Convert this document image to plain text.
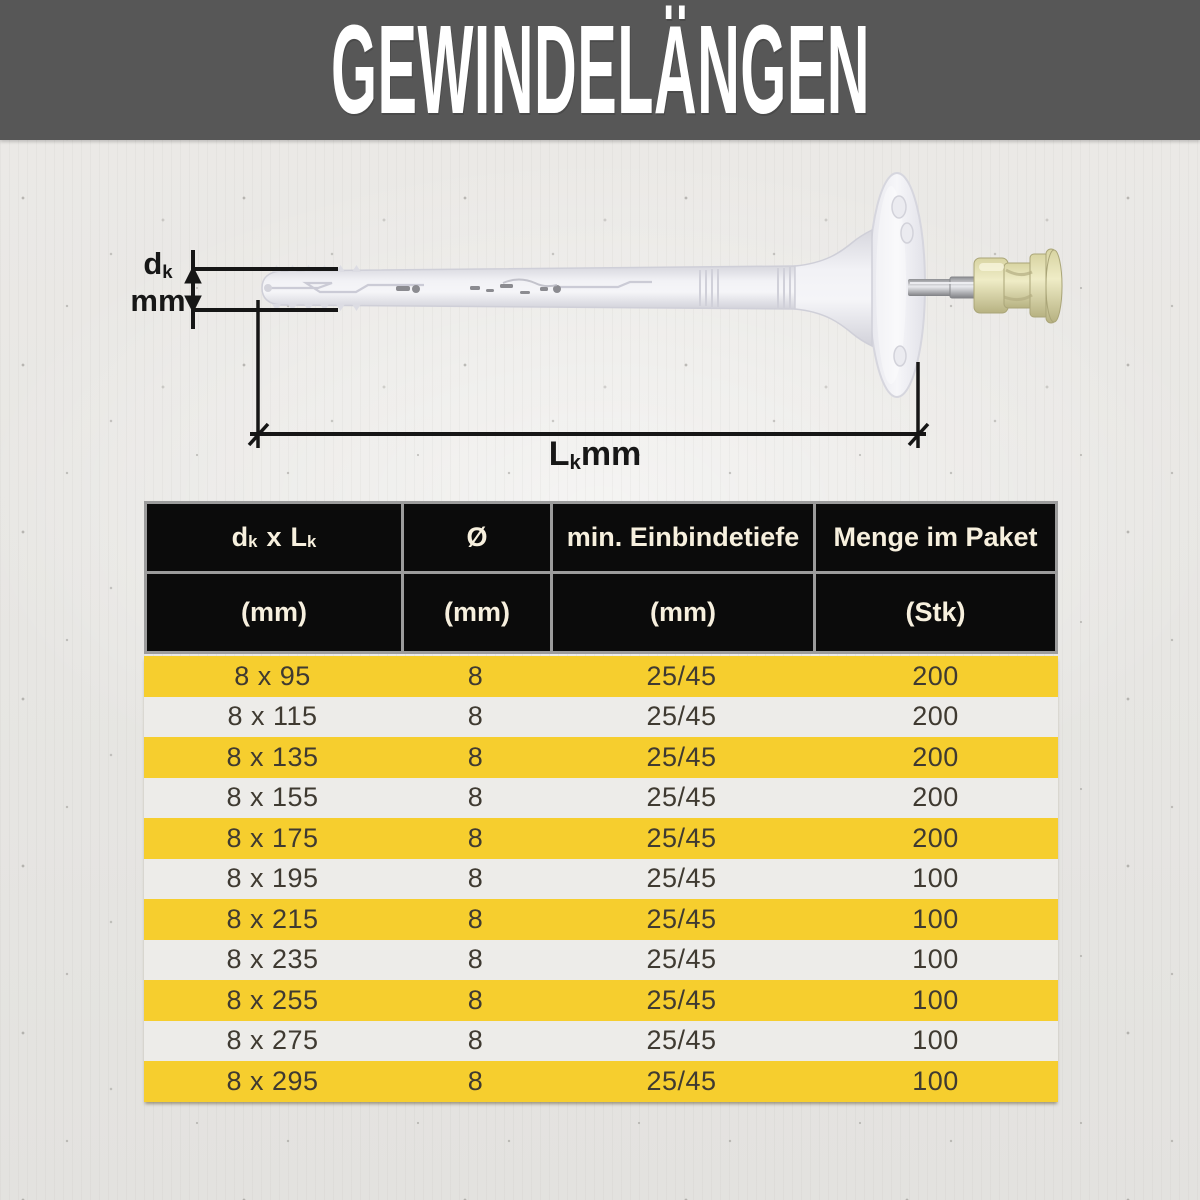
GEWINDELÄNGEN
dk
mm
Lkmm
d k x L k	Ø	min. Einbindetiefe	Menge im Paket
(mm)	(mm)	(mm)	(Stk)
8 x 95	8	25/45	200
8 x 115	8	25/45	200
8 x 135	8	25/45	200
8 x 155	8	25/45	200
8 x 175	8	25/45	200
8 x 195	8	25/45	100
8 x 215	8	25/45	100
8 x 235	8	25/45	100
8 x 255	8	25/45	100
8 x 275	8	25/45	100
8 x 295	8	25/45	100
